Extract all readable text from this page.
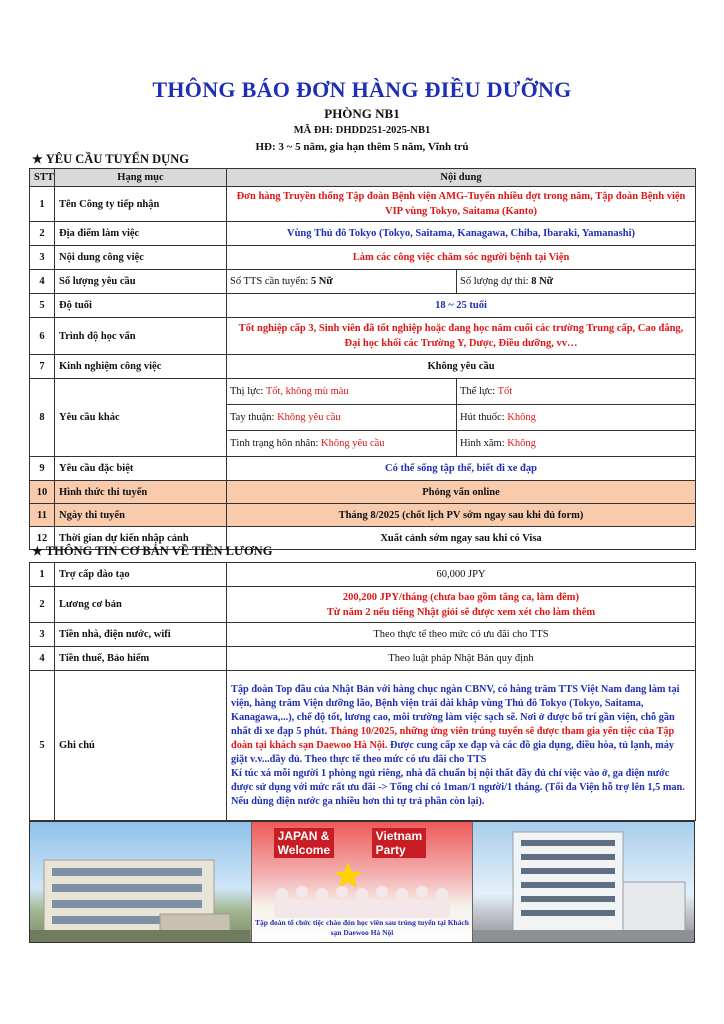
THÔNG BÁO ĐƠN HÀNG ĐIỀU DƯỠNG
PHÒNG NB1
MÃ ĐH: DHDD251-2025-NB1
HĐ: 3 ~ 5 năm, gia hạn thêm 5 năm, Vĩnh trú
★ YÊU CẦU TUYỂN DỤNG
STT	Hạng mục	Nội dung	
1	Tên Công ty tiếp nhận	Đơn hàng Truyền thống Tập đoàn Bệnh viện AMG-Tuyển nhiều đợt trong năm, Tập đoàn Bệnh viện VIP vùng Tokyo, Saitama (Kanto)	
2	Địa điểm làm việc	Vùng Thủ đô Tokyo (Tokyo, Saitama, Kanagawa, Chiba, Ibaraki, Yamanashi)	
3	Nội dung công việc	Làm các công việc chăm sóc người bệnh tại Viện	
4	Số lượng yêu cầu	Số TTS cần tuyển: 5 Nữ	Số lượng dự thi: 8 Nữ
5	Độ tuổi	18 ~ 25 tuổi	
6	Trình độ học vấn	Tốt nghiệp cấp 3, Sinh viên đã tốt nghiệp hoặc đang học năm cuối các trường Trung cấp, Cao đẳng, Đại học khối các Trường Y, Dược, Điều dưỡng, vv…	
7	Kinh nghiệm công việc	Không yêu cầu	
8	Yêu cầu khác	Thị lực: Tốt, không mù màu	Thể lực: Tốt
		Tay thuận: Không yêu cầu	Hút thuốc: Không
		Tình trạng hôn nhân: Không yêu cầu	Hình xăm: Không
9	Yêu cầu đặc biệt	Có thể sống tập thể, biết đi xe đạp	
10	Hình thức thi tuyển	Phỏng vấn online	
11	Ngày thi tuyển	Tháng 8/2025 (chốt lịch PV sớm ngay sau khi đủ form)	
12	Thời gian dự kiến nhập cảnh	Xuất cảnh sớm ngay sau khi có Visa	
★ THÔNG TIN CƠ BẢN VỀ TIỀN LƯƠNG
1	Trợ cấp đào tạo	60,000 JPY
2	Lương cơ bản	200,200 JPY/tháng (chưa bao gồm tăng ca, làm đêm)
Từ năm 2 nếu tiếng Nhật giỏi sẽ được xem xét cho làm thêm

3	Tiền nhà, điện nước, wifi	Theo thực tế theo mức có ưu đãi cho TTS
4	Tiền thuế, Bảo hiểm	Theo luật pháp Nhật Bản quy định
5	Ghi chú	Tập đoàn Top đầu của Nhật Bản với hàng chục ngàn CBNV, có hàng trăm TTS Việt Nam đang làm tại viện, hàng trăm Viện dưỡng lão, Bệnh viện trải dài khắp vùng Thủ đô Tokyo (Tokyo, Saitama, Kanagawa,...), chế độ tốt, lương cao, môi trường làm việc sạch sẽ. Nơi ở được bố trí gần viện, chỗ gần nhất đi xe đạp 5 phút. Tháng 10/2025, những ứng viên trúng tuyển sẽ được tham gia yến tiệc của Tập đoàn tại khách sạn Daewoo Hà Nội. Được cung cấp xe đạp và các đồ gia dụng, điều hòa, tủ lạnh, máy giặt v.v...đầy đủ. Theo thực tế theo mức có ưu đãi cho TTS
Kí túc xá mỗi người 1 phòng ngủ riêng, nhà đã chuẩn bị nội thất đầy đủ chỉ việc vào ở, ga điện nước được sử dụng với mức rất ưu đãi -> Tổng chỉ có 1man/1 người/1 tháng. (Tối đa Viện hỗ trợ lên 1,5 man. Nếu dùng điện nước ga nhiều hơn thì tự trả phần còn lại).
JAPAN &
Welcome
Vietnam
Party
Tập đoàn tổ chức tiệc chào đón học viên sau trúng tuyển tại Khách sạn Daewoo Hà Nội
